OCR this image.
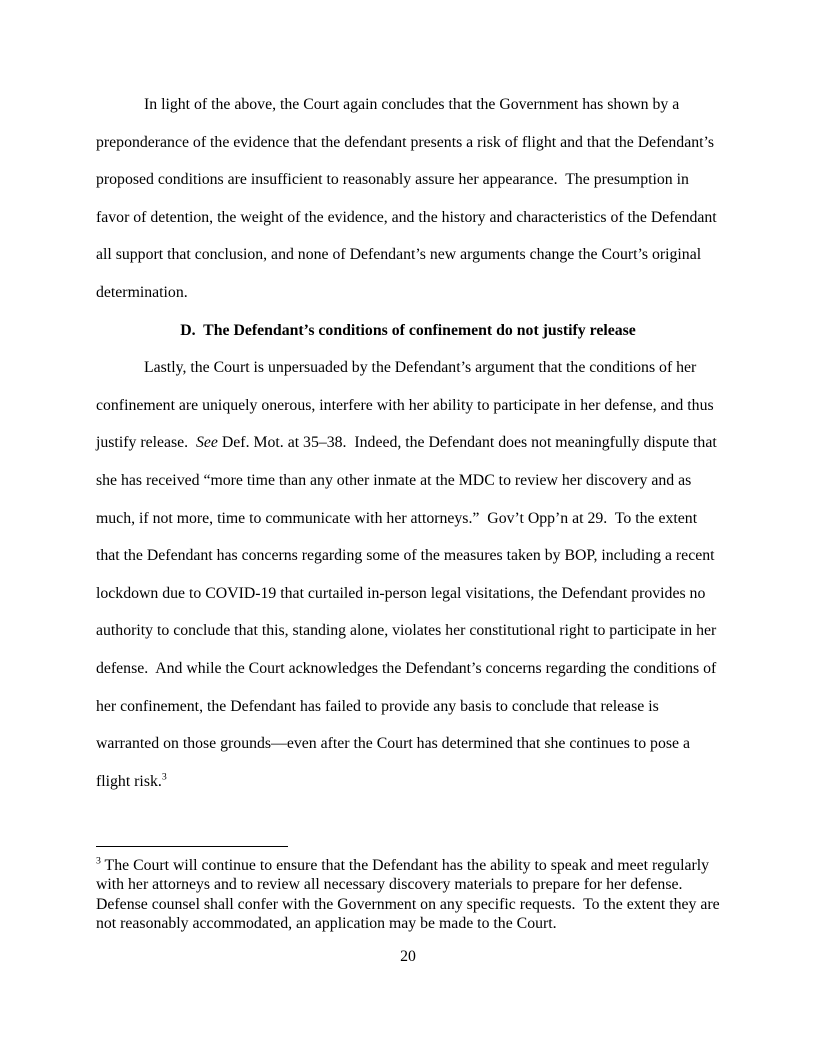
In light of the above, the Court again concludes that the Government has shown by a preponderance of the evidence that the defendant presents a risk of flight and that the Defendant’s proposed conditions are insufficient to reasonably assure her appearance.  The presumption in favor of detention, the weight of the evidence, and the history and characteristics of the Defendant all support that conclusion, and none of Defendant’s new arguments change the Court’s original determination.

D.  The Defendant’s conditions of confinement do not justify release

Lastly, the Court is unpersuaded by the Defendant’s argument that the conditions of her confinement are uniquely onerous, interfere with her ability to participate in her defense, and thus justify release.  See Def. Mot. at 35–38.  Indeed, the Defendant does not meaningfully dispute that she has received “more time than any other inmate at the MDC to review her discovery and as much, if not more, time to communicate with her attorneys.”  Gov’t Opp’n at 29.  To the extent that the Defendant has concerns regarding some of the measures taken by BOP, including a recent lockdown due to COVID-19 that curtailed in-person legal visitations, the Defendant provides no authority to conclude that this, standing alone, violates her constitutional right to participate in her defense.  And while the Court acknowledges the Defendant’s concerns regarding the conditions of her confinement, the Defendant has failed to provide any basis to conclude that release is warranted on those grounds—even after the Court has determined that she continues to pose a flight risk.$^3$

$^3$ The Court will continue to ensure that the Defendant has the ability to speak and meet regularly with her attorneys and to review all necessary discovery materials to prepare for her defense.  Defense counsel shall confer with the Government on any specific requests.  To the extent they are not reasonably accommodated, an application may be made to the Court.

20
